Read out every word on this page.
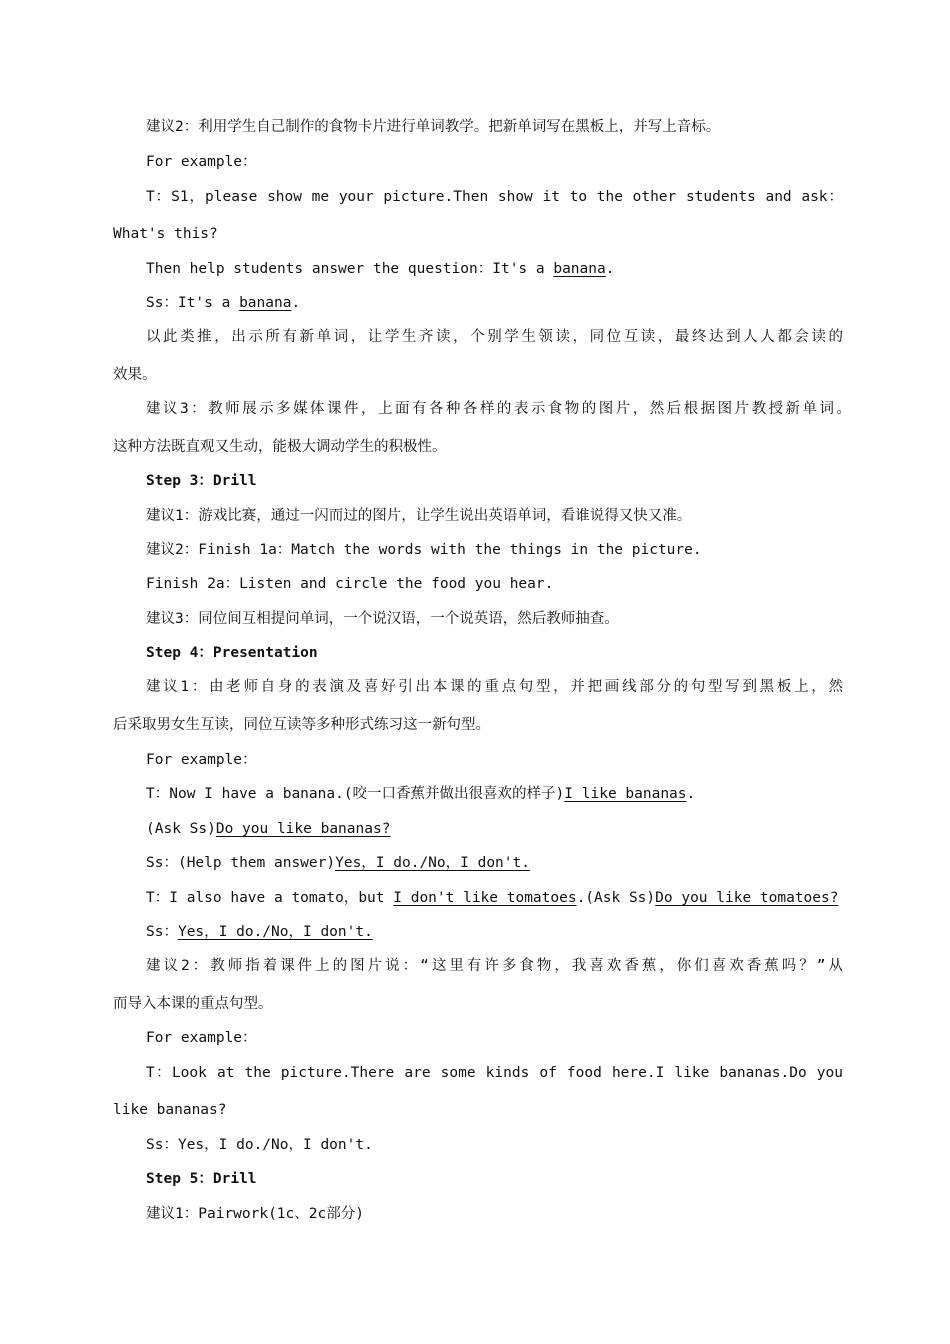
建议2：利用学生自己制作的食物卡片进行单词教学。把新单词写在黑板上，并写上音标。
For example：
T：S1，please show me your picture.Then show it to the other students and ask：
What's this?
Then help students answer the question：It's a banana.
Ss：It's a banana.
以此类推，出示所有新单词，让学生齐读，个别学生领读，同位互读，最终达到人人都会读的
效果。
建议3：教师展示多媒体课件，上面有各种各样的表示食物的图片，然后根据图片教授新单词。
这种方法既直观又生动，能极大调动学生的积极性。
Step 3：Drill
建议1：游戏比赛，通过一闪而过的图片，让学生说出英语单词，看谁说得又快又准。
建议2：Finish 1a：Match the words with the things in the picture.
Finish 2a：Listen and circle the food you hear.
建议3：同位间互相提问单词，一个说汉语，一个说英语，然后教师抽查。
Step 4：Presentation
建议1：由老师自身的表演及喜好引出本课的重点句型，并把画线部分的句型写到黑板上，然
后采取男女生互读，同位互读等多种形式练习这一新句型。
For example：
T：Now I have a banana.(咬一口香蕉并做出很喜欢的样子)I like bananas.
(Ask Ss)Do you like bananas?
Ss：(Help them answer)Yes，I do./No，I don't.
T：I also have a tomato，but I don't like tomatoes.(Ask Ss)Do you like tomatoes?
Ss：Yes，I do./No，I don't.
建议2：教师指着课件上的图片说：“这里有许多食物，我喜欢香蕉，你们喜欢香蕉吗？”从
而导入本课的重点句型。
For example：
T：Look at the picture.There are some kinds of food here.I like bananas.Do you
like bananas?
Ss：Yes，I do./No，I don't.
Step 5：Drill
建议1：Pairwork(1c、2c部分)
